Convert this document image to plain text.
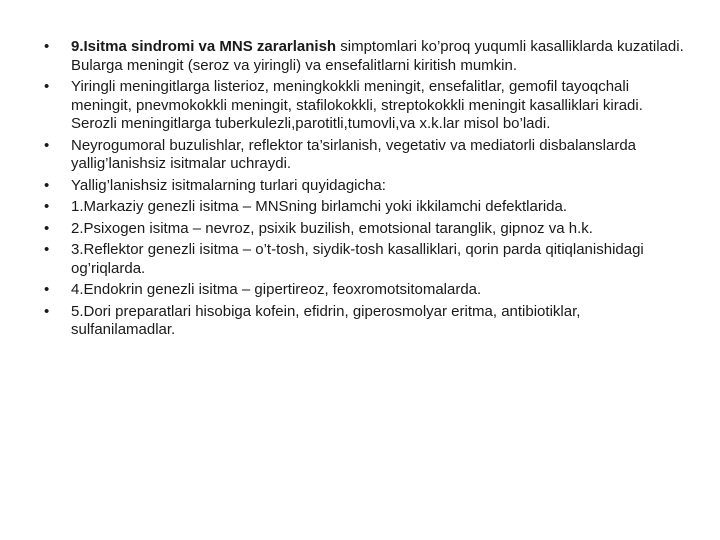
• 9.Isitma sindromi va MNS zararlanish simptomlari ko’proq yuqumli kasalliklarda kuzatiladi. Bularga meningit (seroz va yiringli) va ensefalitlarni kiritish mumkin.
• Yiringli meningitlarga listerioz, meningkokkli meningit, ensefalitlar, gemofil tayoqchali meningit, pnevmokokkli meningit, stafilokokkli, streptokokkli meningit kasalliklari kiradi. Serozli meningitlarga tuberkulezli,parotitli,tumovli,va x.k.lar misol bo’ladi.
• Neyrogumoral buzulishlar, reflektor ta’sirlanish, vegetativ va mediatorli disbalanslarda yallig’lanishsiz isitmalar uchraydi.
• Yallig’lanishsiz isitmalarning turlari quyidagicha:
• 1.Markaziy genezli isitma – MNSning birlamchi yoki ikkilamchi defektlarida.
• 2.Psixogen isitma – nevroz, psixik buzilish, emotsional taranglik, gipnoz va h.k.
• 3.Reflektor genezli isitma – o’t-tosh, siydik-tosh kasalliklari, qorin parda qitiqlanishidagi og’riqlarda.
• 4.Endokrin genezli isitma – gipertireoz, feoxromotsitomalarda.
• 5.Dori preparatlari hisobiga kofein, efidrin, giperosmolyar eritma, antibiotiklar, sulfanilamadlar.
